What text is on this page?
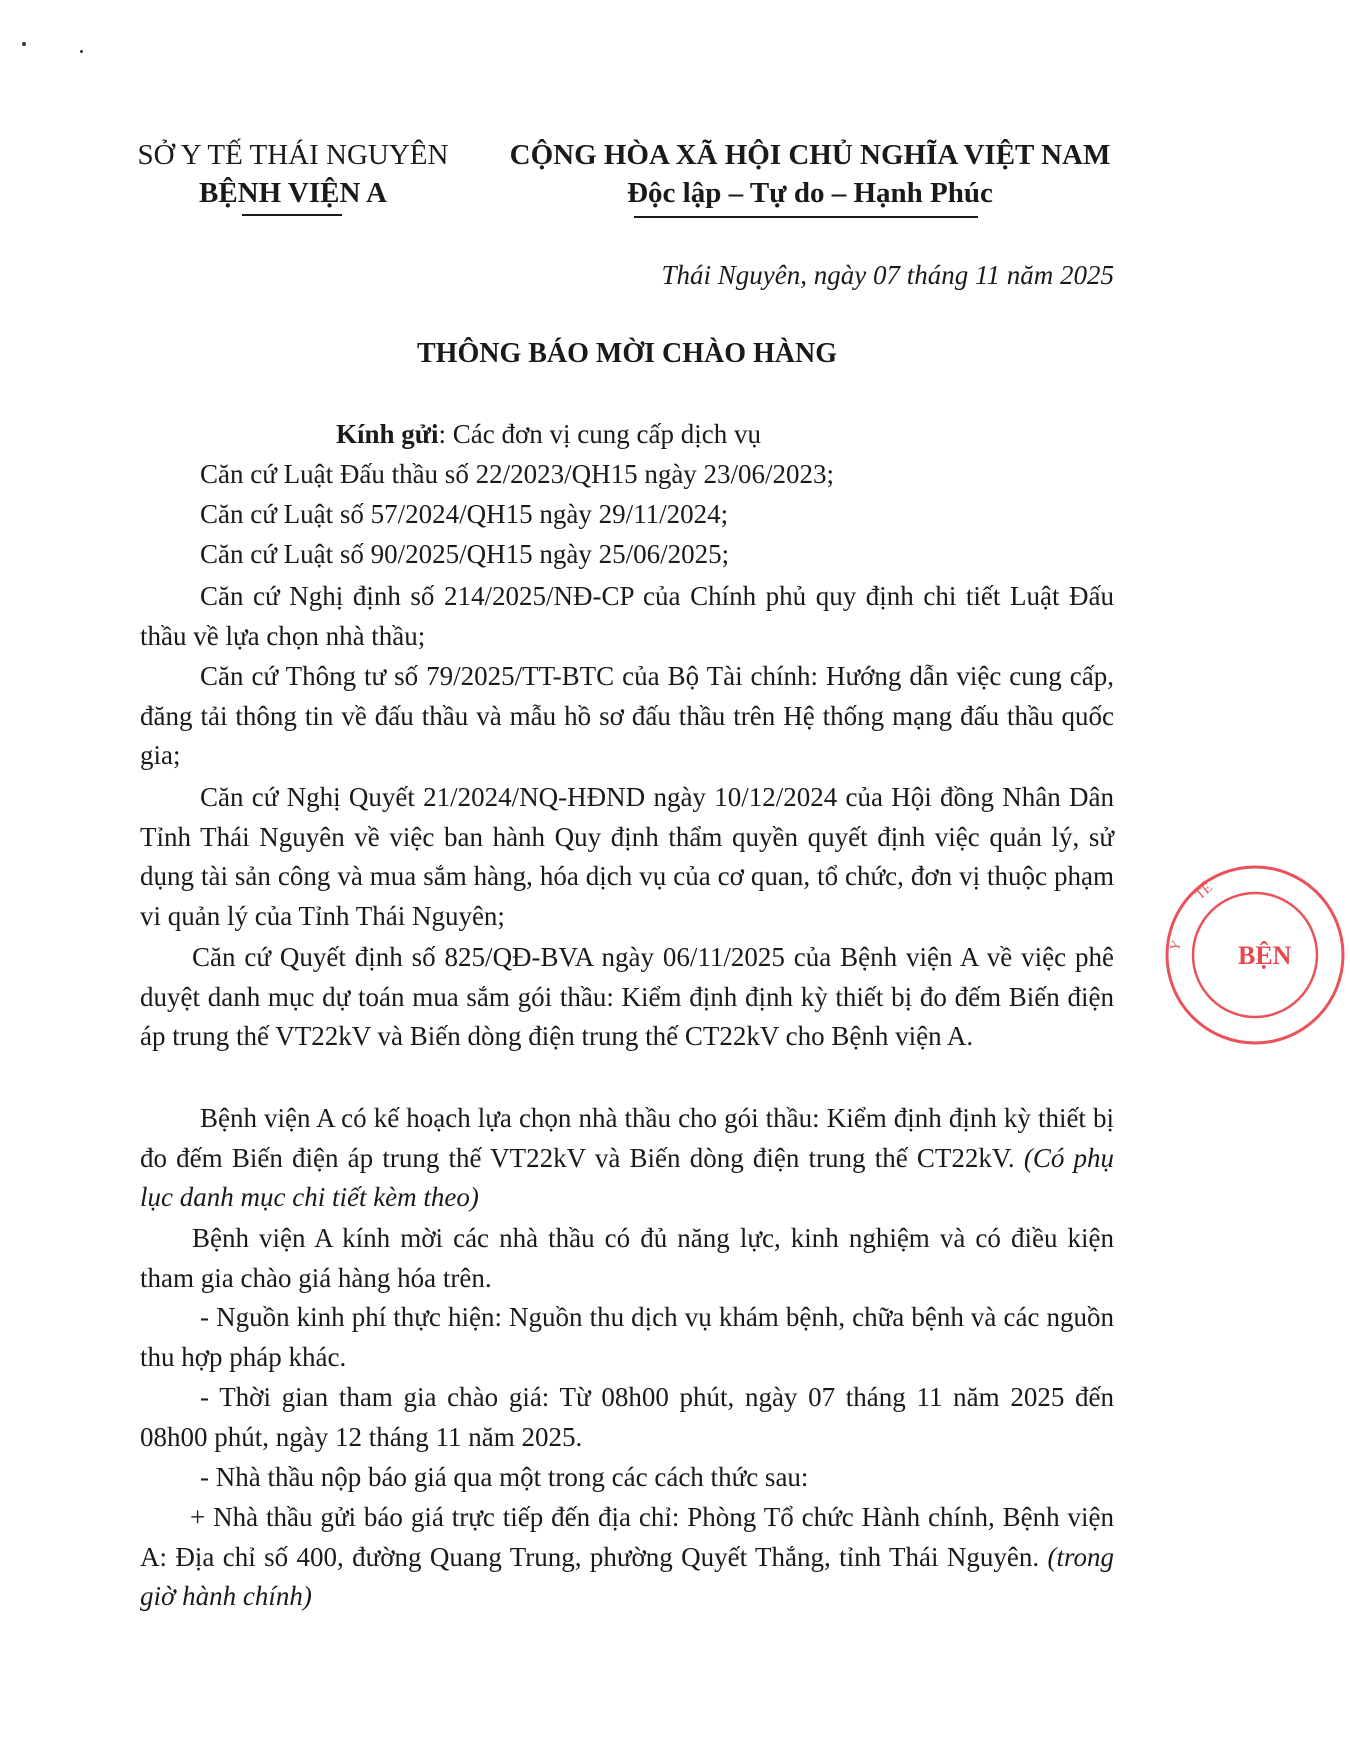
SỞ Y TẾ THÁI NGUYÊN
BỆNH VIỆN A
CỘNG HÒA XÃ HỘI CHỦ NGHĨA VIỆT NAM
Độc lập – Tự do – Hạnh Phúc
Thái Nguyên, ngày 07 tháng 11 năm 2025
THÔNG BÁO MỜI CHÀO HÀNG
Kính gửi: Các đơn vị cung cấp dịch vụ
Căn cứ Luật Đấu thầu số 22/2023/QH15 ngày 23/06/2023;
Căn cứ Luật số 57/2024/QH15 ngày 29/11/2024;
Căn cứ Luật số 90/2025/QH15 ngày 25/06/2025;
Căn cứ Nghị định số 214/2025/NĐ-CP của Chính phủ quy định chi tiết Luật Đấu thầu về lựa chọn nhà thầu;
Căn cứ Thông tư số 79/2025/TT-BTC của Bộ Tài chính: Hướng dẫn việc cung cấp, đăng tải thông tin về đấu thầu và mẫu hồ sơ đấu thầu trên Hệ thống mạng đấu thầu quốc gia;
Căn cứ Nghị Quyết 21/2024/NQ-HĐND ngày 10/12/2024 của Hội đồng Nhân Dân Tỉnh Thái Nguyên về việc ban hành Quy định thẩm quyền quyết định việc quản lý, sử dụng tài sản công và mua sắm hàng, hóa dịch vụ của cơ quan, tổ chức, đơn vị thuộc phạm vi quản lý của Tỉnh Thái Nguyên;
Căn cứ Quyết định số 825/QĐ-BVA ngày 06/11/2025 của Bệnh viện A về việc phê duyệt danh mục dự toán mua sắm gói thầu: Kiểm định định kỳ thiết bị đo đếm Biến điện áp trung thế VT22kV và Biến dòng điện trung thế CT22kV cho Bệnh viện A.
Bệnh viện A có kế hoạch lựa chọn nhà thầu cho gói thầu: Kiểm định định kỳ thiết bị đo đếm Biến điện áp trung thế VT22kV và Biến dòng điện trung thế CT22kV. (Có phụ lục danh mục chi tiết kèm theo)
Bệnh viện A kính mời các nhà thầu có đủ năng lực, kinh nghiệm và có điều kiện tham gia chào giá hàng hóa trên.
- Nguồn kinh phí thực hiện: Nguồn thu dịch vụ khám bệnh, chữa bệnh và các nguồn thu hợp pháp khác.
- Thời gian tham gia chào giá: Từ 08h00 phút, ngày 07 tháng 11 năm 2025 đến 08h00 phút, ngày 12 tháng 11 năm 2025.
- Nhà thầu nộp báo giá qua một trong các cách thức sau:
+ Nhà thầu gửi báo giá trực tiếp đến địa chỉ: Phòng Tổ chức Hành chính, Bệnh viện A: Địa chỉ số 400, đường Quang Trung, phường Quyết Thắng, tỉnh Thái Nguyên. (trong giờ hành chính)
BỆN
Y
TẾ
